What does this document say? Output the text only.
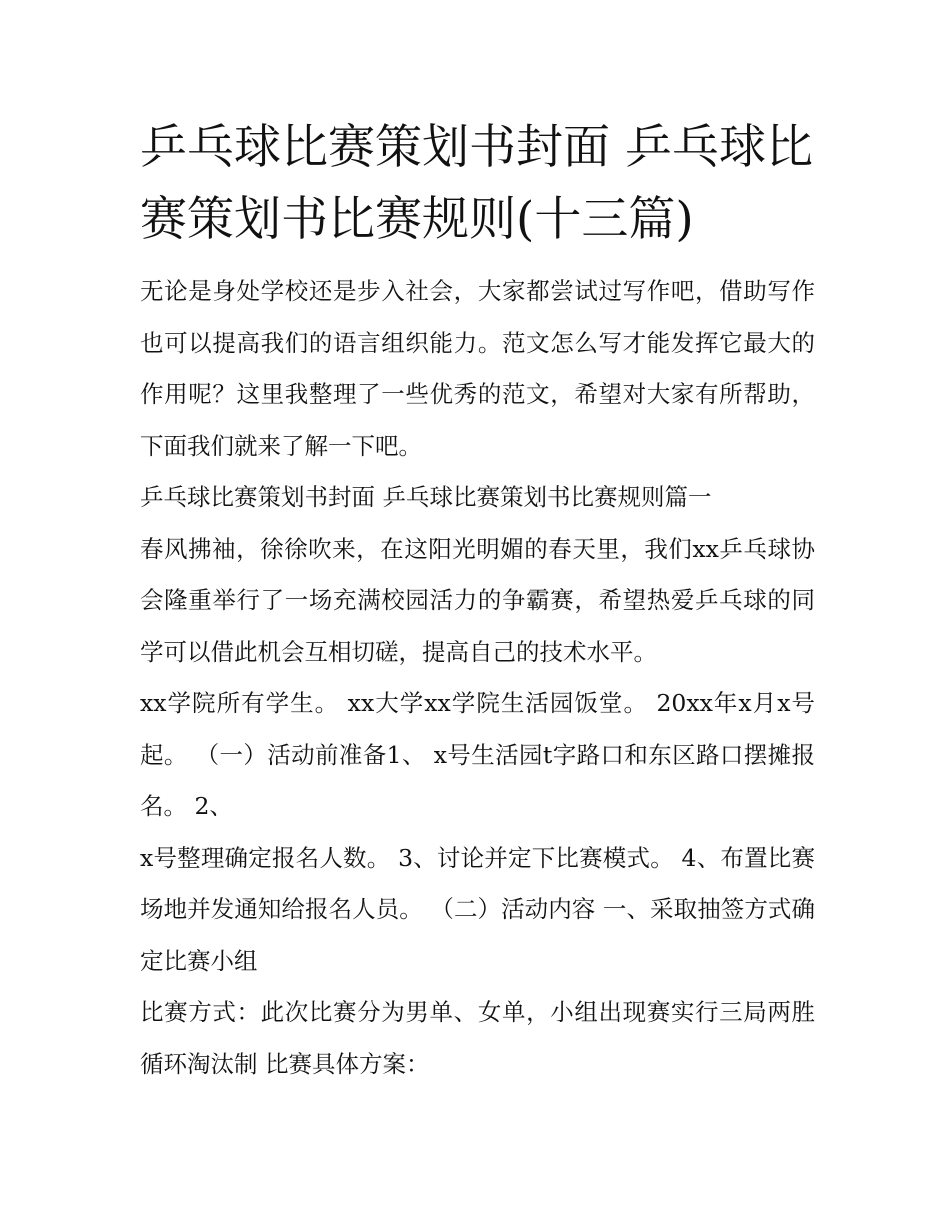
乒乓球比赛策划书封面 乒乓球比赛策划书比赛规则(十三篇)

无论是身处学校还是步入社会，大家都尝试过写作吧，借助写作也可以提高我们的语言组织能力。范文怎么写才能发挥它最大的作用呢？这里我整理了一些优秀的范文，希望对大家有所帮助，下面我们就来了解一下吧。

乒乓球比赛策划书封面 乒乓球比赛策划书比赛规则篇一

春风拂袖，徐徐吹来，在这阳光明媚的春天里，我们xx乒乓球协会隆重举行了一场充满校园活力的争霸赛，希望热爱乒乓球的同学可以借此机会互相切磋，提高自己的技术水平。

xx学院所有学生。 xx大学xx学院生活园饭堂。 20xx年x月x号起。 （一）活动前准备1、 x号生活园t字路口和东区路口摆摊报名。 2、

x号整理确定报名人数。 3、讨论并定下比赛模式。 4、布置比赛场地并发通知给报名人员。 （二）活动内容 一、采取抽签方式确定比赛小组

比赛方式：此次比赛分为男单、女单，小组出现赛实行三局两胜循环淘汰制 比赛具体方案：
